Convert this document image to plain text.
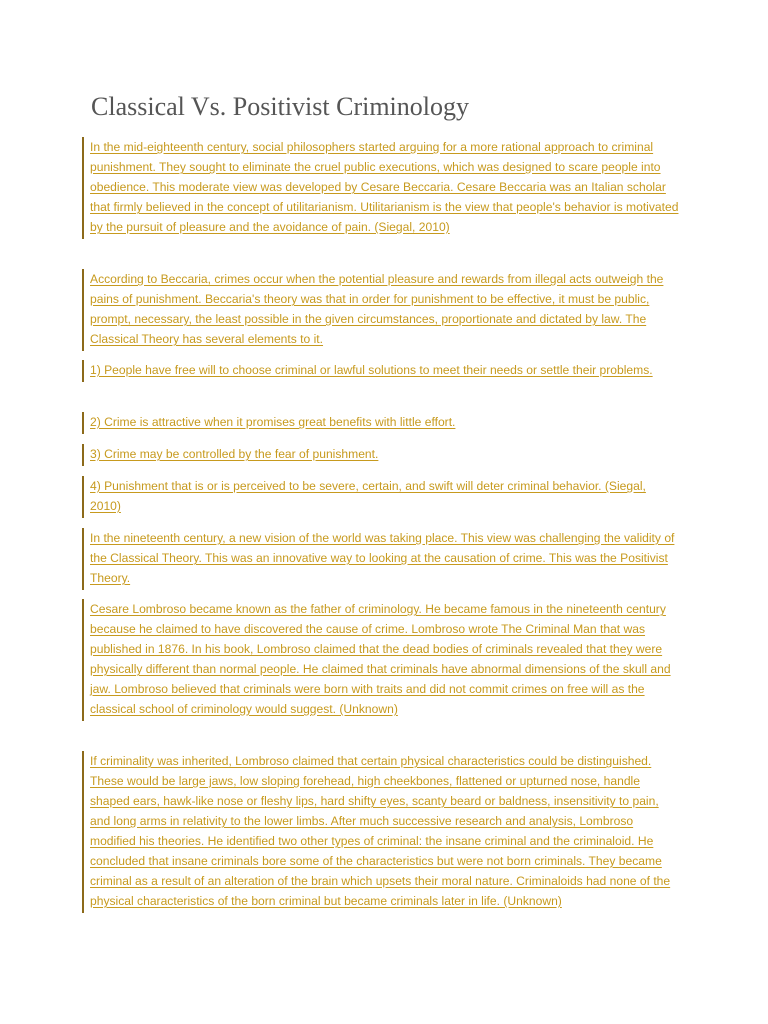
Classical Vs. Positivist Criminology

In the mid-eighteenth century, social philosophers started arguing for a more rational approach to criminal punishment. They sought to eliminate the cruel public executions, which was designed to scare people into obedience. This moderate view was developed by Cesare Beccaria. Cesare Beccaria was an Italian scholar that firmly believed in the concept of utilitarianism. Utilitarianism is the view that people's behavior is motivated by the pursuit of pleasure and the avoidance of pain. (Siegal, 2010)

According to Beccaria, crimes occur when the potential pleasure and rewards from illegal acts outweigh the pains of punishment. Beccaria's theory was that in order for punishment to be effective, it must be public, prompt, necessary, the least possible in the given circumstances, proportionate and dictated by law. The Classical Theory has several elements to it.

1) People have free will to choose criminal or lawful solutions to meet their needs or settle their problems.

2) Crime is attractive when it promises great benefits with little effort.

3) Crime may be controlled by the fear of punishment.

4) Punishment that is or is perceived to be severe, certain, and swift will deter criminal behavior. (Siegal, 2010)

In the nineteenth century, a new vision of the world was taking place. This view was challenging the validity of the Classical Theory. This was an innovative way to looking at the causation of crime. This was the Positivist Theory.

Cesare Lombroso became known as the father of criminology. He became famous in the nineteenth century because he claimed to have discovered the cause of crime. Lombroso wrote The Criminal Man that was published in 1876. In his book, Lombroso claimed that the dead bodies of criminals revealed that they were physically different than normal people. He claimed that criminals have abnormal dimensions of the skull and jaw. Lombroso believed that criminals were born with traits and did not commit crimes on free will as the classical school of criminology would suggest. (Unknown)

If criminality was inherited, Lombroso claimed that certain physical characteristics could be distinguished. These would be large jaws, low sloping forehead, high cheekbones, flattened or upturned nose, handle shaped ears, hawk-like nose or fleshy lips, hard shifty eyes, scanty beard or baldness, insensitivity to pain, and long arms in relativity to the lower limbs. After much successive research and analysis, Lombroso modified his theories. He identified two other types of criminal: the insane criminal and the criminaloid. He concluded that insane criminals bore some of the characteristics but were not born criminals. They became criminal as a result of an alteration of the brain which upsets their moral nature. Criminaloids had none of the physical characteristics of the born criminal but became criminals later in life. (Unknown)
